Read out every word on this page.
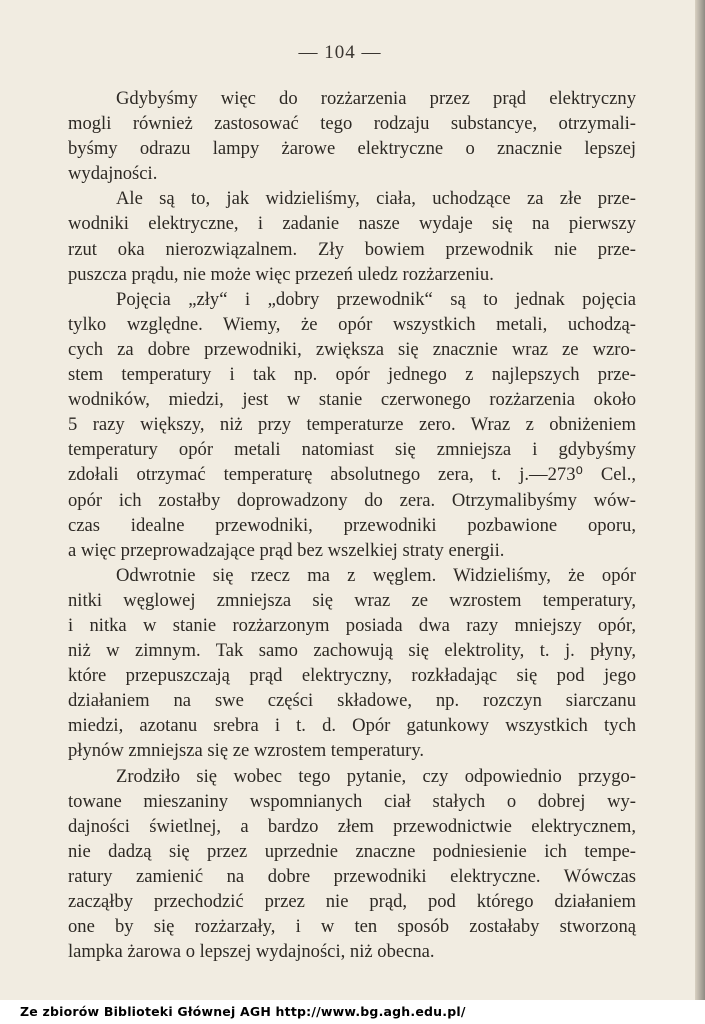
— 104 —
Gdybyśmy więc do rozżarzenia przez prąd elektryczny
mogli również zastosować tego rodzaju substancye, otrzymali-
byśmy odrazu lampy żarowe elektryczne o znacznie lepszej
wydajności.
Ale są to, jak widzieliśmy, ciała, uchodzące za złe prze-
wodniki elektryczne, i zadanie nasze wydaje się na pierwszy
rzut oka nierozwiązalnem. Zły bowiem przewodnik nie prze-
puszcza prądu, nie może więc przezeń uledz rozżarzeniu.
Pojęcia „zły“ i „dobry przewodnik“ są to jednak pojęcia
tylko względne. Wiemy, że opór wszystkich metali, uchodzą-
cych za dobre przewodniki, zwiększa się znacznie wraz ze wzro-
stem temperatury i tak np. opór jednego z najlepszych prze-
wodników, miedzi, jest w stanie czerwonego rozżarzenia około
5 razy większy, niż przy temperaturze zero. Wraz z obniżeniem
temperatury opór metali natomiast się zmniejsza i gdybyśmy
zdołali otrzymać temperaturę absolutnego zera, t. j.—273⁰ Cel.,
opór ich zostałby doprowadzony do zera. Otrzymalibyśmy wów-
czas idealne przewodniki, przewodniki pozbawione oporu,
a więc przeprowadzające prąd bez wszelkiej straty energii.
Odwrotnie się rzecz ma z węglem. Widzieliśmy, że opór
nitki węglowej zmniejsza się wraz ze wzrostem temperatury,
i nitka w stanie rozżarzonym posiada dwa razy mniejszy opór,
niż w zimnym. Tak samo zachowują się elektrolity, t. j. płyny,
które przepuszczają prąd elektryczny, rozkładając się pod jego
działaniem na swe części składowe, np. rozczyn siarczanu
miedzi, azotanu srebra i t. d. Opór gatunkowy wszystkich tych
płynów zmniejsza się ze wzrostem temperatury.
Zrodziło się wobec tego pytanie, czy odpowiednio przygo-
towane mieszaniny wspomnianych ciał stałych o dobrej wy-
dajności świetlnej, a bardzo złem przewodnictwie elektrycznem,
nie dadzą się przez uprzednie znaczne podniesienie ich tempe-
ratury zamienić na dobre przewodniki elektryczne. Wówczas
zacząłby przechodzić przez nie prąd, pod którego działaniem
one by się rozżarzały, i w ten sposób zostałaby stworzoną
lampka żarowa o lepszej wydajności, niż obecna.
Ze zbiorów Biblioteki Głównej AGH http://www.bg.agh.edu.pl/
